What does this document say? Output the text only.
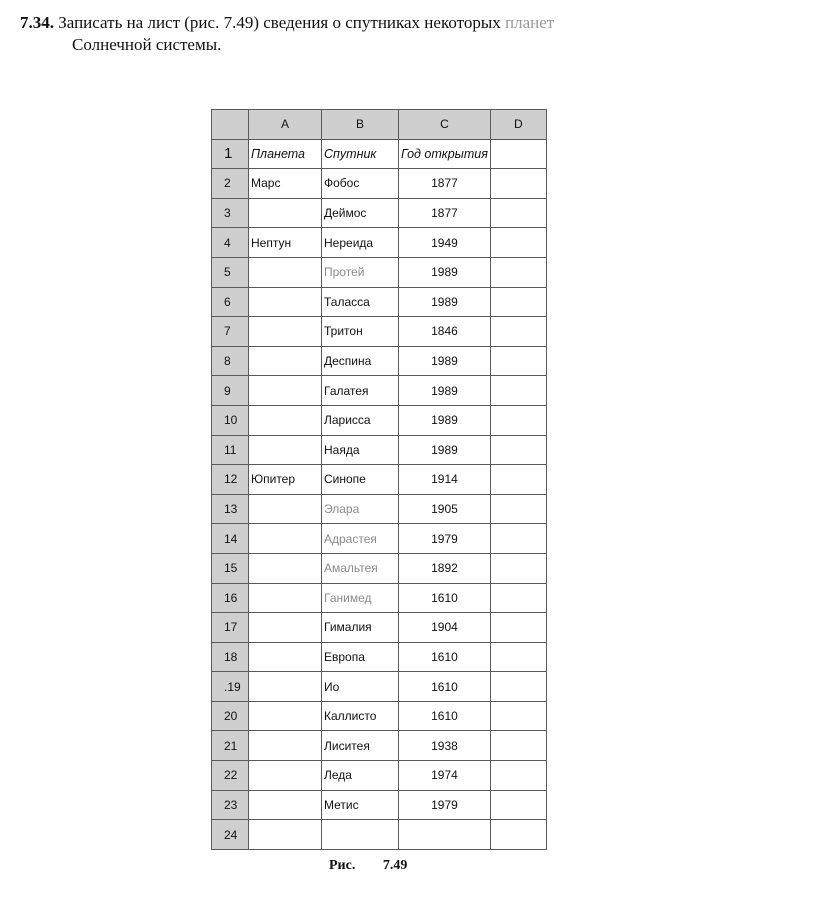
7.34. Записать на лист (рис. 7.49) сведения о спутниках некоторых планет
Солнечной системы.
	A	B	C	D
1	Планета	Спутник	Год открытия	
2	Марс	Фобос	1877	
3		Деймос	1877	
4	Нептун	Нереида	1949	
5		Протей	1989	
6		Таласса	1989	
7		Тритон	1846	
8		Деспина	1989	
9		Галатея	1989	
10		Ларисса	1989	
11		Наяда	1989	
12	Юпитер	Синопе	1914	
13		Элара	1905	
14		Адрастея	1979	
15		Амальтея	1892	
16		Ганимед	1610	
17		Гималия	1904	
18		Европа	1610	
.19		Ио	1610	
20		Каллисто	1610	
21		Лиситея	1938	
22		Леда	1974	
23		Метис	1979	
24				
Рис. 7.49
